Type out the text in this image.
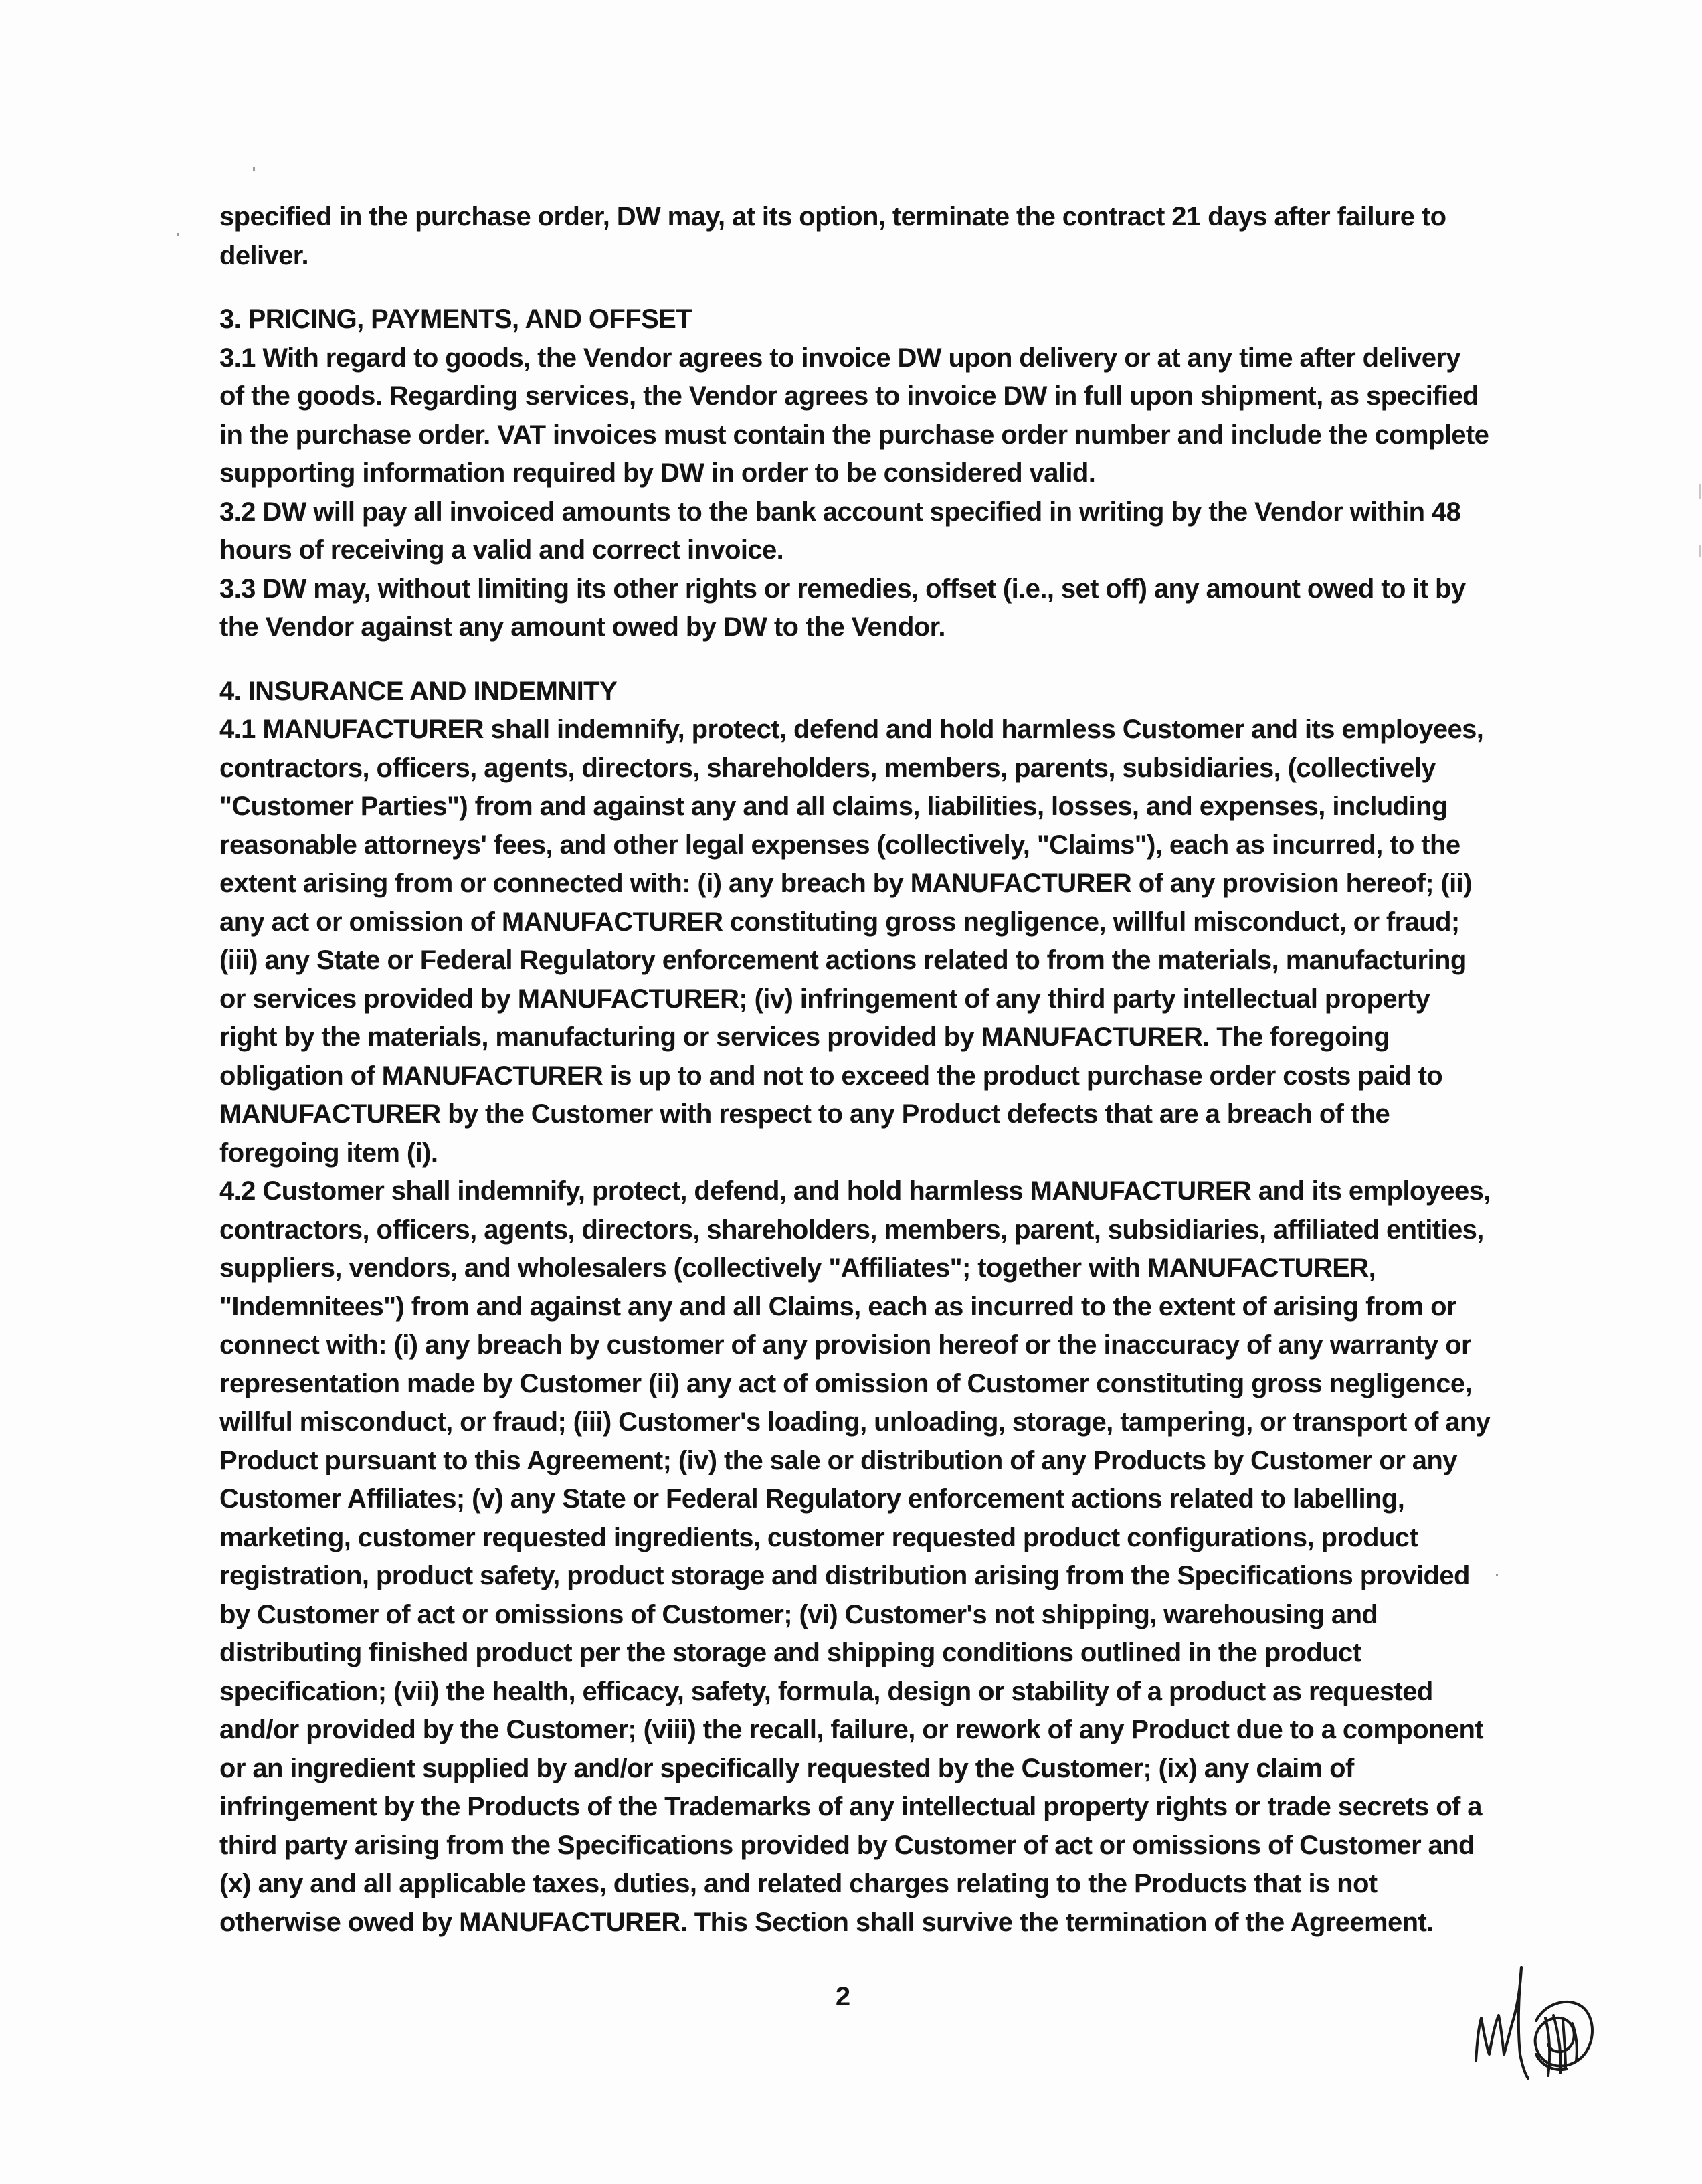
specified in the purchase order, DW may, at its option, terminate the contract 21 days after failure to deliver.

3. PRICING, PAYMENTS, AND OFFSET

3.1 With regard to goods, the Vendor agrees to invoice DW upon delivery or at any time after delivery of the goods. Regarding services, the Vendor agrees to invoice DW in full upon shipment, as specified in the purchase order. VAT invoices must contain the purchase order number and include the complete supporting information required by DW in order to be considered valid.

3.2 DW will pay all invoiced amounts to the bank account specified in writing by the Vendor within 48 hours of receiving a valid and correct invoice.

3.3 DW may, without limiting its other rights or remedies, offset (i.e., set off) any amount owed to it by the Vendor against any amount owed by DW to the Vendor.

4. INSURANCE AND INDEMNITY

4.1 MANUFACTURER shall indemnify, protect, defend and hold harmless Customer and its employees, contractors, officers, agents, directors, shareholders, members, parents, subsidiaries, (collectively "Customer Parties") from and against any and all claims, liabilities, losses, and expenses, including reasonable attorneys' fees, and other legal expenses (collectively, "Claims"), each as incurred, to the extent arising from or connected with: (i) any breach by MANUFACTURER of any provision hereof; (ii) any act or omission of MANUFACTURER constituting gross negligence, willful misconduct, or fraud; (iii) any State or Federal Regulatory enforcement actions related to from the materials, manufacturing or services provided by MANUFACTURER; (iv) infringement of any third party intellectual property right by the materials, manufacturing or services provided by MANUFACTURER. The foregoing obligation of MANUFACTURER is up to and not to exceed the product purchase order costs paid to MANUFACTURER by the Customer with respect to any Product defects that are a breach of the foregoing item (i).

4.2 Customer shall indemnify, protect, defend, and hold harmless MANUFACTURER and its employees, contractors, officers, agents, directors, shareholders, members, parent, subsidiaries, affiliated entities, suppliers, vendors, and wholesalers (collectively "Affiliates"; together with MANUFACTURER, "Indemnitees") from and against any and all Claims, each as incurred to the extent of arising from or connect with: (i) any breach by customer of any provision hereof or the inaccuracy of any warranty or representation made by Customer (ii) any act of omission of Customer constituting gross negligence, willful misconduct, or fraud; (iii) Customer's loading, unloading, storage, tampering, or transport of any Product pursuant to this Agreement; (iv) the sale or distribution of any Products by Customer or any Customer Affiliates; (v) any State or Federal Regulatory enforcement actions related to labelling, marketing, customer requested ingredients, customer requested product configurations, product registration, product safety, product storage and distribution arising from the Specifications provided by Customer of act or omissions of Customer; (vi) Customer's not shipping, warehousing and distributing finished product per the storage and shipping conditions outlined in the product specification; (vii) the health, efficacy, safety, formula, design or stability of a product as requested and/or provided by the Customer; (viii) the recall, failure, or rework of any Product due to a component or an ingredient supplied by and/or specifically requested by the Customer; (ix) any claim of infringement by the Products of the Trademarks of any intellectual property rights or trade secrets of a third party arising from the Specifications provided by Customer of act or omissions of Customer and (x) any and all applicable taxes, duties, and related charges relating to the Products that is not otherwise owed by MANUFACTURER. This Section shall survive the termination of the Agreement.

2
